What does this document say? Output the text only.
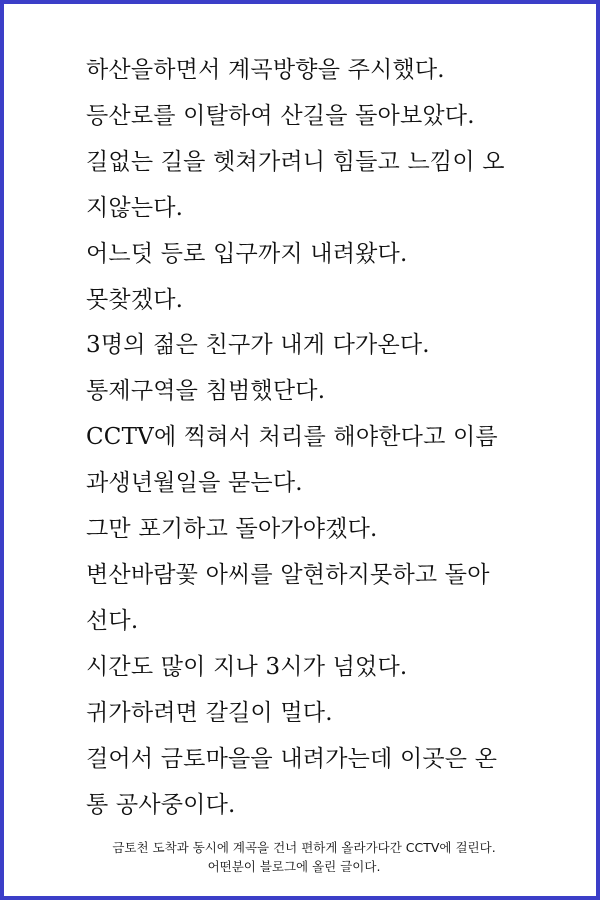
하산을하면서 계곡방향을 주시했다.
등산로를 이탈하여 산길을 돌아보았다.
길없는 길을 헷쳐가려니 힘들고 느낌이 오
지않는다.
어느덧 등로 입구까지 내려왔다.
못찾겠다.
3명의 젊은 친구가 내게 다가온다.
통제구역을 침범했단다.
CCTV에 찍혀서 처리를 해야한다고 이름
과생년월일을 묻는다.
그만 포기하고 돌아가야겠다.
변산바람꽃 아씨를 알현하지못하고 돌아
선다.
시간도 많이 지나 3시가 넘었다.
귀가하려면 갈길이 멀다.
걸어서 금토마을을 내려가는데 이곳은 온
통 공사중이다.
금토천 도착과 동시에 계곡을 건너 편하게 올라가다간 CCTV에 걸린다.
어떤분이 블로그에 올린 글이다.
